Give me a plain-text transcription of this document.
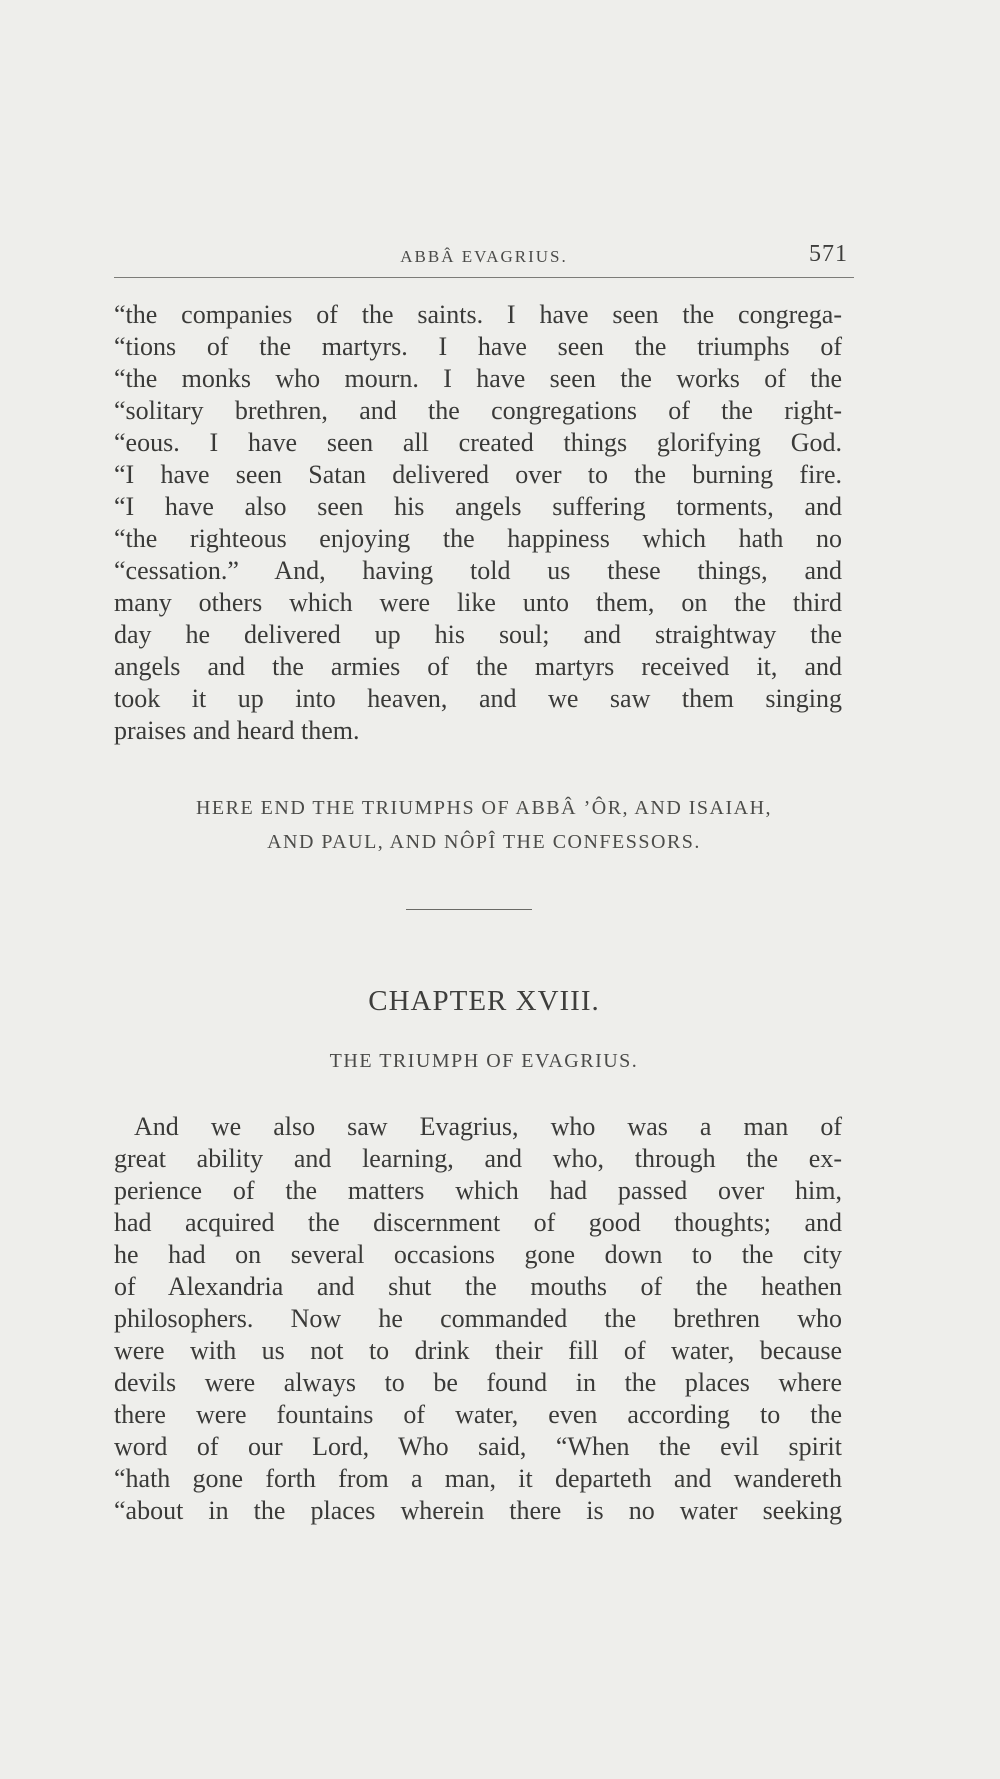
ABBÂ EVAGRIUS.	571
“the companies of the saints. I have seen the congrega-
“tions of the martyrs. I have seen the triumphs of
“the monks who mourn. I have seen the works of the
“solitary brethren, and the congregations of the right-
“eous. I have seen all created things glorifying God.
“I have seen Satan delivered over to the burning fire.
“I have also seen his angels suffering torments, and
“the righteous enjoying the happiness which hath no
“cessation.” And, having told us these things, and
many others which were like unto them, on the third
day he delivered up his soul; and straightway the
angels and the armies of the martyrs received it, and
took it up into heaven, and we saw them singing
praises and heard them.
HERE END THE TRIUMPHS OF ABBÂ ’ÔR, AND ISAIAH,
AND PAUL, AND NÔPÎ THE CONFESSORS.
CHAPTER XVIII.
THE TRIUMPH OF EVAGRIUS.
And we also saw Evagrius, who was a man of
great ability and learning, and who, through the ex-
perience of the matters which had passed over him,
had acquired the discernment of good thoughts; and
he had on several occasions gone down to the city
of Alexandria and shut the mouths of the heathen
philosophers. Now he commanded the brethren who
were with us not to drink their fill of water, because
devils were always to be found in the places where
there were fountains of water, even according to the
word of our Lord, Who said, “When the evil spirit
“hath gone forth from a man, it departeth and wandereth
“about in the places wherein there is no water seeking
